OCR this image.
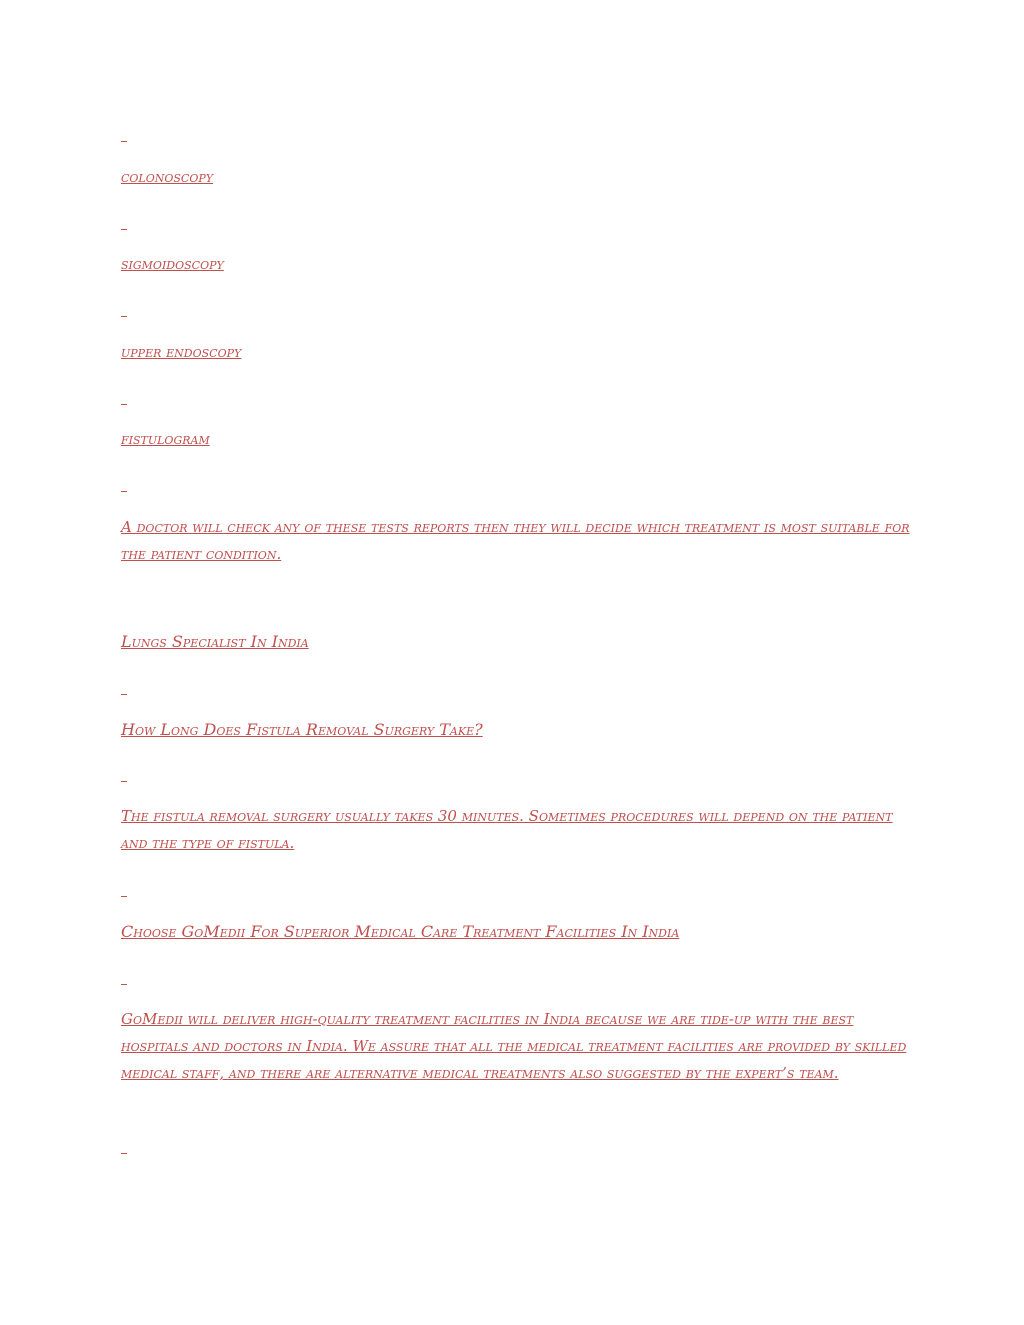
colonoscopy

sigmoidoscopy

upper endoscopy

fistulogram

A doctor will check any of these tests reports then they will decide which treatment is most suitable for the patient condition.

Lungs Specialist In India

How Long Does Fistula Removal Surgery Take?

The fistula removal surgery usually takes 30 minutes. Sometimes procedures will depend on the patient and the type of fistula.

Choose GoMedii For Superior Medical Care Treatment Facilities In India

GoMedii will deliver high-quality treatment facilities in India because we are tide-up with the best hospitals and doctors in India. We assure that all the medical treatment facilities are provided by skilled medical staff, and there are alternative medical treatments also suggested by the expert’s team.
